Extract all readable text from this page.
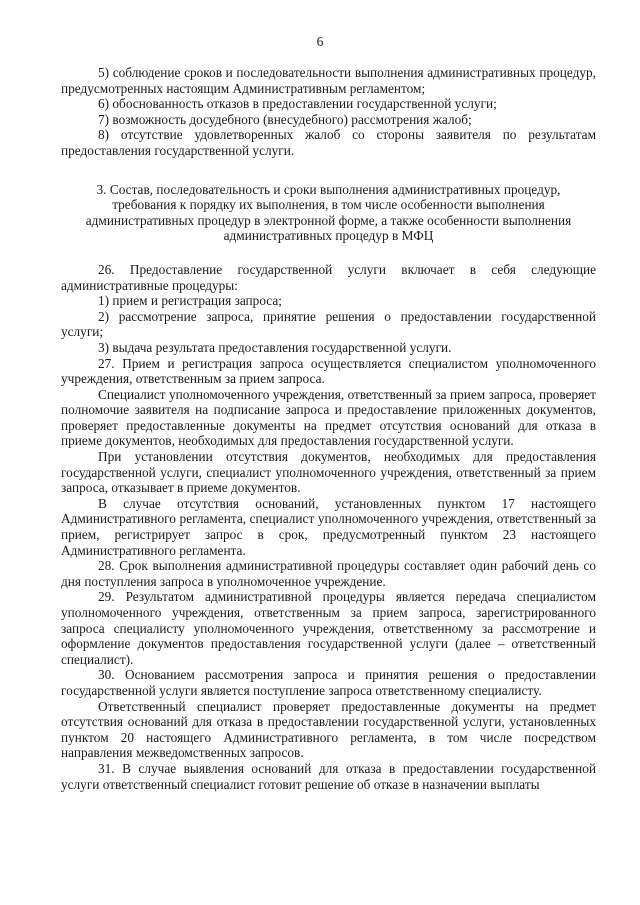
6

5) соблюдение сроков и последовательности выполнения административных процедур, предусмотренных настоящим Административным регламентом;

6) обоснованность отказов в предоставлении государственной услуги;

7) возможность досудебного (внесудебного) рассмотрения жалоб;

8) отсутствие удовлетворенных жалоб со стороны заявителя по результатам предоставления государственной услуги.

3. Состав, последовательность и сроки выполнения административных процедур, требования к порядку их выполнения, в том числе особенности выполнения административных процедур в электронной форме, а также особенности выполнения административных процедур в МФЦ

26. Предоставление государственной услуги включает в себя следующие административные процедуры:

1) прием и регистрация запроса;

2) рассмотрение запроса, принятие решения о предоставлении государственной услуги;

3) выдача результата предоставления государственной услуги.

27. Прием и регистрация запроса осуществляется специалистом уполномоченного учреждения, ответственным за прием запроса.

Специалист уполномоченного учреждения, ответственный за прием запроса, проверяет полномочие заявителя на подписание запроса и предоставление приложенных документов, проверяет предоставленные документы на предмет отсутствия оснований для отказа в приеме документов, необходимых для предоставления государственной услуги.

При установлении отсутствия документов, необходимых для предоставления государственной услуги, специалист уполномоченного учреждения, ответственный за прием запроса, отказывает в приеме документов.

В случае отсутствия оснований, установленных пунктом 17 настоящего Административного регламента, специалист уполномоченного учреждения, ответственный за прием, регистрирует запрос в срок, предусмотренный пунктом 23 настоящего Административного регламента.

28. Срок выполнения административной процедуры составляет один рабочий день со дня поступления запроса в уполномоченное учреждение.

29. Результатом административной процедуры является передача специалистом уполномоченного учреждения, ответственным за прием запроса, зарегистрированного запроса специалисту уполномоченного учреждения, ответственному за рассмотрение и оформление документов предоставления государственной услуги (далее – ответственный специалист).

30. Основанием рассмотрения запроса и принятия решения о предоставлении государственной услуги является поступление запроса ответственному специалисту.

Ответственный специалист проверяет предоставленные документы на предмет отсутствия оснований для отказа в предоставлении государственной услуги, установленных пунктом 20 настоящего Административного регламента, в том числе посредством направления межведомственных запросов.

31. В случае выявления оснований для отказа в предоставлении государственной услуги ответственный специалист готовит решение об отказе в назначении выплаты
